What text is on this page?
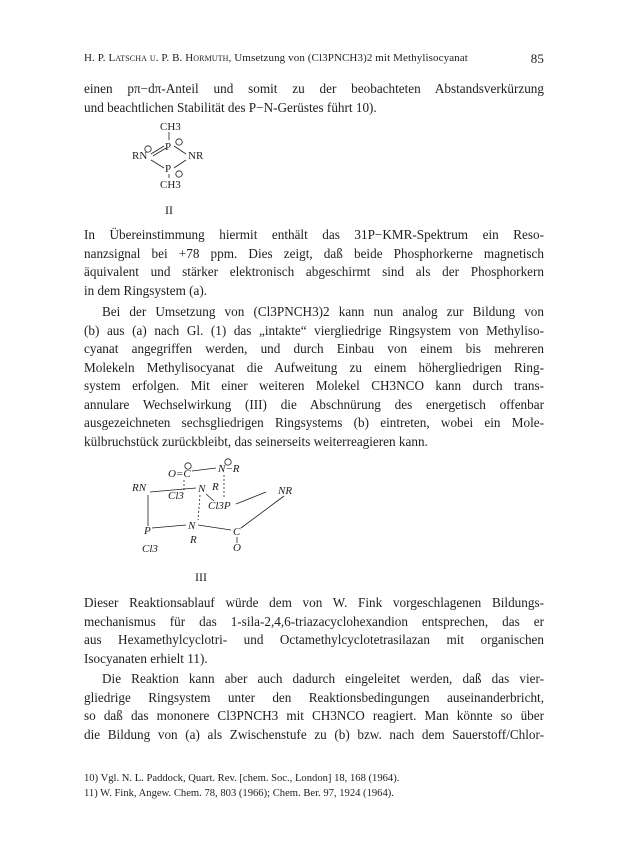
H. P. Latscha u. P. B. Hormuth, Umsetzung von (Cl3PNCH3)2 mit Methylisocyanat	85
einen pπ−dπ-Anteil und somit zu der beobachteten Abstandsverkürzung
und beachtlichen Stabilität des P−N-Gerüstes führt 10).
CH3
P
RN	NR
P
CH3
II
In Übereinstimmung hiermit enthält das 31P−KMR-Spektrum ein Reso-
nanzsignal bei +78 ppm. Dies zeigt, daß beide Phosphorkerne magnetisch
äquivalent und stärker elektronisch abgeschirmt sind als der Phosphorkern
in dem Ringsystem (a).
Bei der Umsetzung von (Cl3PNCH3)2 kann nun analog zur Bildung von
(b) aus (a) nach Gl. (1) das „intakte“ viergliedrige Ringsystem von Methyliso-
cyanat angegriffen werden, und durch Einbau von einem bis mehreren
Molekeln Methylisocyanat die Aufweitung zu einem höhergliedrigen Ring-
system erfolgen. Mit einer weiteren Molekel CH3NCO kann durch trans-
annulare Wechselwirkung (III) die Abschnürung des energetisch offenbar
ausgezeichneten sechsgliedrigen Ringsystems (b) eintreten, wobei ein Mole-
külbruchstück zurückbleibt, das seinerseits weiterreagieren kann.
O=C N−R
RN
Cl3
N R	NR
Cl3P
P	N
R
C
O
Cl3
III
Dieser Reaktionsablauf würde dem von W. Fink vorgeschlagenen Bildungs-
mechanismus für das 1-sila-2,4,6-triazacyclohexandion entsprechen, das er
aus Hexamethylcyclotri- und Octamethylcyclotetrasilazan mit organischen
Isocyanaten erhielt 11).
Die Reaktion kann aber auch dadurch eingeleitet werden, daß das vier-
gliedrige Ringsystem unter den Reaktionsbedingungen auseinanderbricht,
so daß das mononere Cl3PNCH3 mit CH3NCO reagiert. Man könnte so über
die Bildung von (a) als Zwischenstufe zu (b) bzw. nach dem Sauerstoff/Chlor-
10) Vgl. N. L. Paddock, Quart. Rev. [chem. Soc., London] 18, 168 (1964).
11) W. Fink, Angew. Chem. 78, 803 (1966); Chem. Ber. 97, 1924 (1964).
